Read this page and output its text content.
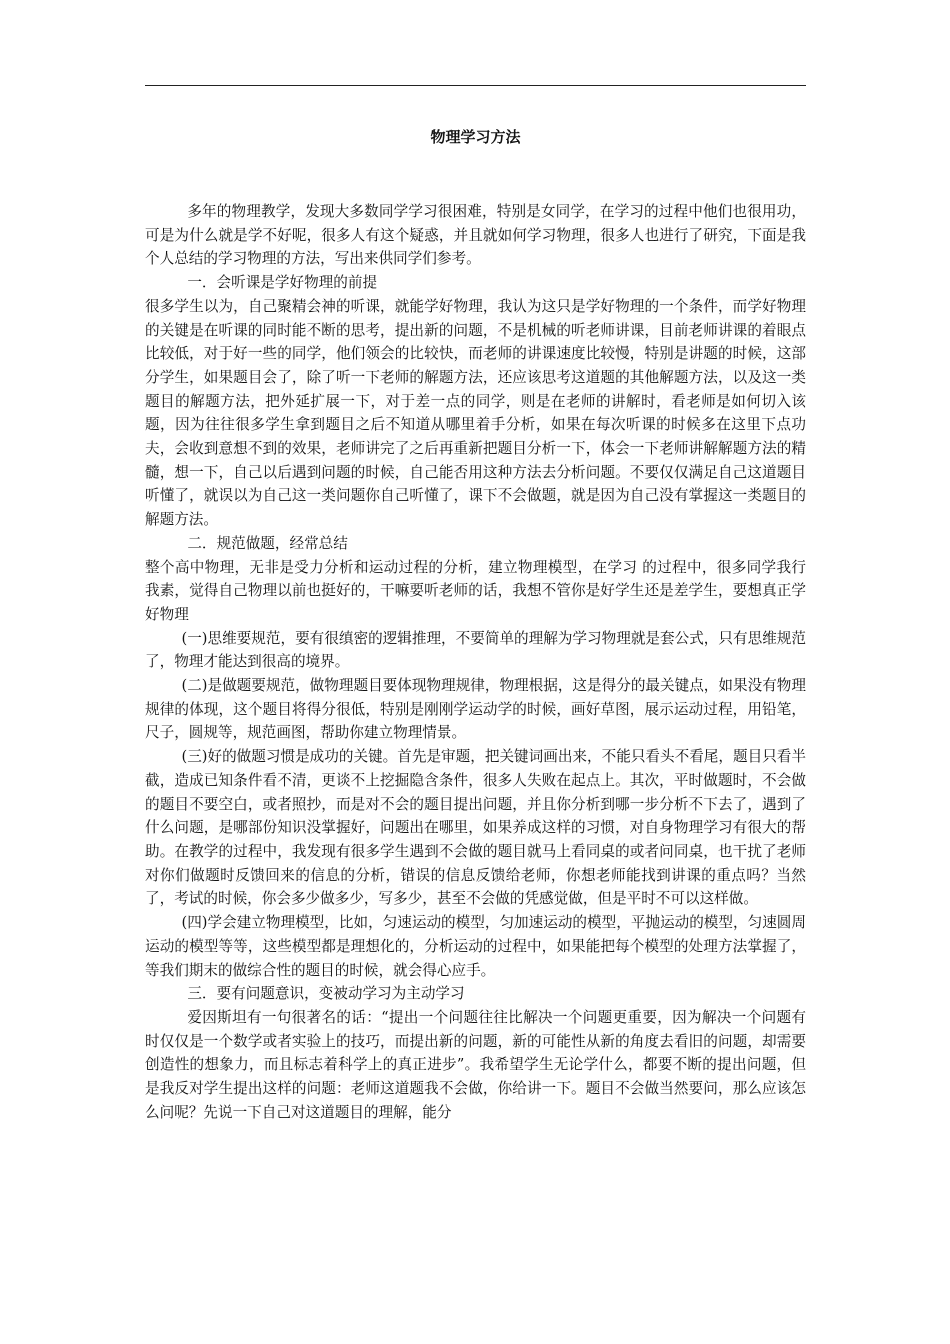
物理学习方法

多年的物理教学，发现大多数同学学习很困难，特别是女同学，在学习的过程中他们也很用功，可是为什么就是学不好呢，很多人有这个疑惑，并且就如何学习物理，很多人也进行了研究，下面是我个人总结的学习物理的方法，写出来供同学们参考。

一．会听课是学好物理的前提

很多学生以为，自己聚精会神的听课，就能学好物理，我认为这只是学好物理的一个条件，而学好物理的关键是在听课的同时能不断的思考，提出新的问题，不是机械的听老师讲课，目前老师讲课的着眼点比较低，对于好一些的同学，他们领会的比较快，而老师的讲课速度比较慢，特别是讲题的时候，这部分学生，如果题目会了，除了听一下老师的解题方法，还应该思考这道题的其他解题方法，以及这一类题目的解题方法，把外延扩展一下，对于差一点的同学，则是在老师的讲解时，看老师是如何切入该题，因为往往很多学生拿到题目之后不知道从哪里着手分析，如果在每次听课的时候多在这里下点功夫，会收到意想不到的效果，老师讲完了之后再重新把题目分析一下，体会一下老师讲解解题方法的精髓，想一下，自己以后遇到问题的时候，自己能否用这种方法去分析问题。不要仅仅满足自己这道题目听懂了，就误以为自己这一类问题你自己听懂了，课下不会做题，就是因为自己没有掌握这一类题目的解题方法。

二．规范做题，经常总结

整个高中物理，无非是受力分析和运动过程的分析，建立物理模型，在学习 的过程中，很多同学我行我素，觉得自己物理以前也挺好的，干嘛要听老师的话，我想不管你是好学生还是差学生，要想真正学好物理

(一)思维要规范，要有很缜密的逻辑推理，不要简单的理解为学习物理就是套公式，只有思维规范了，物理才能达到很高的境界。

(二)是做题要规范，做物理题目要体现物理规律，物理根据，这是得分的最关键点，如果没有物理规律的体现，这个题目将得分很低，特别是刚刚学运动学的时候，画好草图，展示运动过程，用铅笔，尺子，圆规等，规范画图，帮助你建立物理情景。

(三)好的做题习惯是成功的关键。首先是审题，把关键词画出来，不能只看头不看尾，题目只看半截，造成已知条件看不清，更谈不上挖掘隐含条件，很多人失败在起点上。其次，平时做题时，不会做的题目不要空白，或者照抄，而是对不会的题目提出问题，并且你分析到哪一步分析不下去了，遇到了什么问题，是哪部份知识没掌握好，问题出在哪里，如果养成这样的习惯，对自身物理学习有很大的帮助。在教学的过程中，我发现有很多学生遇到不会做的题目就马上看同桌的或者问同桌，也干扰了老师对你们做题时反馈回来的信息的分析，错误的信息反馈给老师，你想老师能找到讲课的重点吗？当然了，考试的时候，你会多少做多少，写多少，甚至不会做的凭感觉做，但是平时不可以这样做。

(四)学会建立物理模型，比如，匀速运动的模型，匀加速运动的模型，平抛运动的模型，匀速圆周运动的模型等等，这些模型都是理想化的，分析运动的过程中，如果能把每个模型的处理方法掌握了，等我们期末的做综合性的题目的时候，就会得心应手。

三．要有问题意识，变被动学习为主动学习

爱因斯坦有一句很著名的话：“提出一个问题往往比解决一个问题更重要，因为解决一个问题有时仅仅是一个数学或者实验上的技巧，而提出新的问题，新的可能性从新的角度去看旧的问题，却需要创造性的想象力，而且标志着科学上的真正进步”。我希望学生无论学什么，都要不断的提出问题，但是我反对学生提出这样的问题：老师这道题我不会做，你给讲一下。题目不会做当然要问，那么应该怎么问呢？先说一下自己对这道题目的理解，能分
